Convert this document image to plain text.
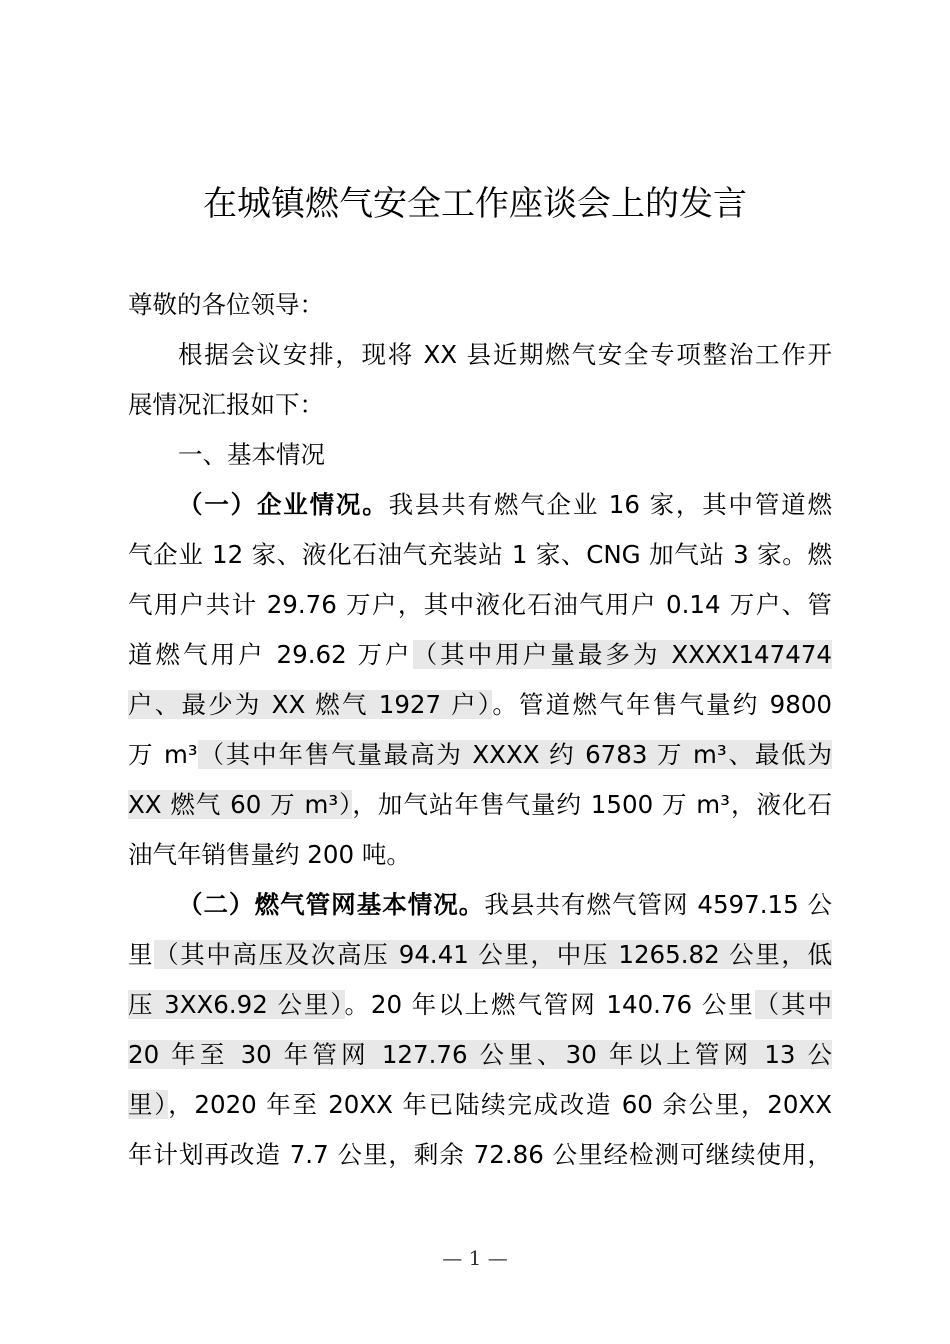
在城镇燃气安全工作座谈会上的发言
尊敬的各位领导：
根据会议安排，现将 XX 县近期燃气安全专项整治工作开
展情况汇报如下：
一、基本情况
（一）企业情况。我县共有燃气企业 16 家，其中管道燃
气企业 12 家、液化石油气充装站 1 家、CNG 加气站 3 家。燃
气用户共计 29.76 万户，其中液化石油气用户 0.14 万户、管
道燃气用户 29.62 万户（其中用户量最多为 XXXX147474
户、最少为 XX 燃气 1927 户）。管道燃气年售气量约 9800
万 m³（其中年售气量最高为 XXXX 约 6783 万 m³、最低为
XX 燃气 60 万 m³），加气站年售气量约 1500 万 m³，液化石
油气年销售量约 200 吨。
（二）燃气管网基本情况。我县共有燃气管网 4597.15 公
里（其中高压及次高压 94.41 公里，中压 1265.82 公里，低
压 3XX6.92 公里）。20 年以上燃气管网 140.76 公里（其中
20 年至 30 年管网 127.76 公里、30 年以上管网 13 公
里），2020 年至 20XX 年已陆续完成改造 60 余公里，20XX
年计划再改造 7.7 公里，剩余 72.86 公里经检测可继续使用，
— 1 —
